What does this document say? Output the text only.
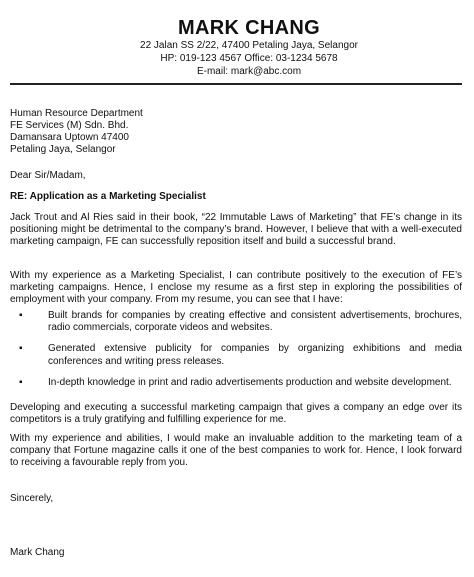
MARK CHANG
22 Jalan SS 2/22, 47400 Petaling Jaya, Selangor
HP: 019-123 4567 Office: 03-1234 5678
E-mail: mark@abc.com
Human Resource Department
FE Services (M) Sdn. Bhd.
Damansara Uptown 47400
Petaling Jaya, Selangor
Dear Sir/Madam,
RE: Application as a Marketing Specialist
Jack Trout and Al Ries said in their book, “22 Immutable Laws of Marketing” that FE’s change in its positioning might be detrimental to the company’s brand. However, I believe that with a well-executed marketing campaign, FE can successfully reposition itself and build a successful brand.
With my experience as a Marketing Specialist, I can contribute positively to the execution of FE’s marketing campaigns. Hence, I enclose my resume as a first step in exploring the possibilities of employment with your company. From my resume, you can see that I have:
▪	Built brands for companies by creating effective and consistent advertisements, brochures, radio commercials, corporate videos and websites.
▪	Generated extensive publicity for companies by organizing exhibitions and media conferences and writing press releases.
▪	In-depth knowledge in print and radio advertisements production and website development.
Developing and executing a successful marketing campaign that gives a company an edge over its competitors is a truly gratifying and fulfilling experience for me.
With my experience and abilities, I would make an invaluable addition to the marketing team of a company that Fortune magazine calls it one of the best companies to work for. Hence, I look forward to receiving a favourable reply from you.
Sincerely,
Mark Chang
